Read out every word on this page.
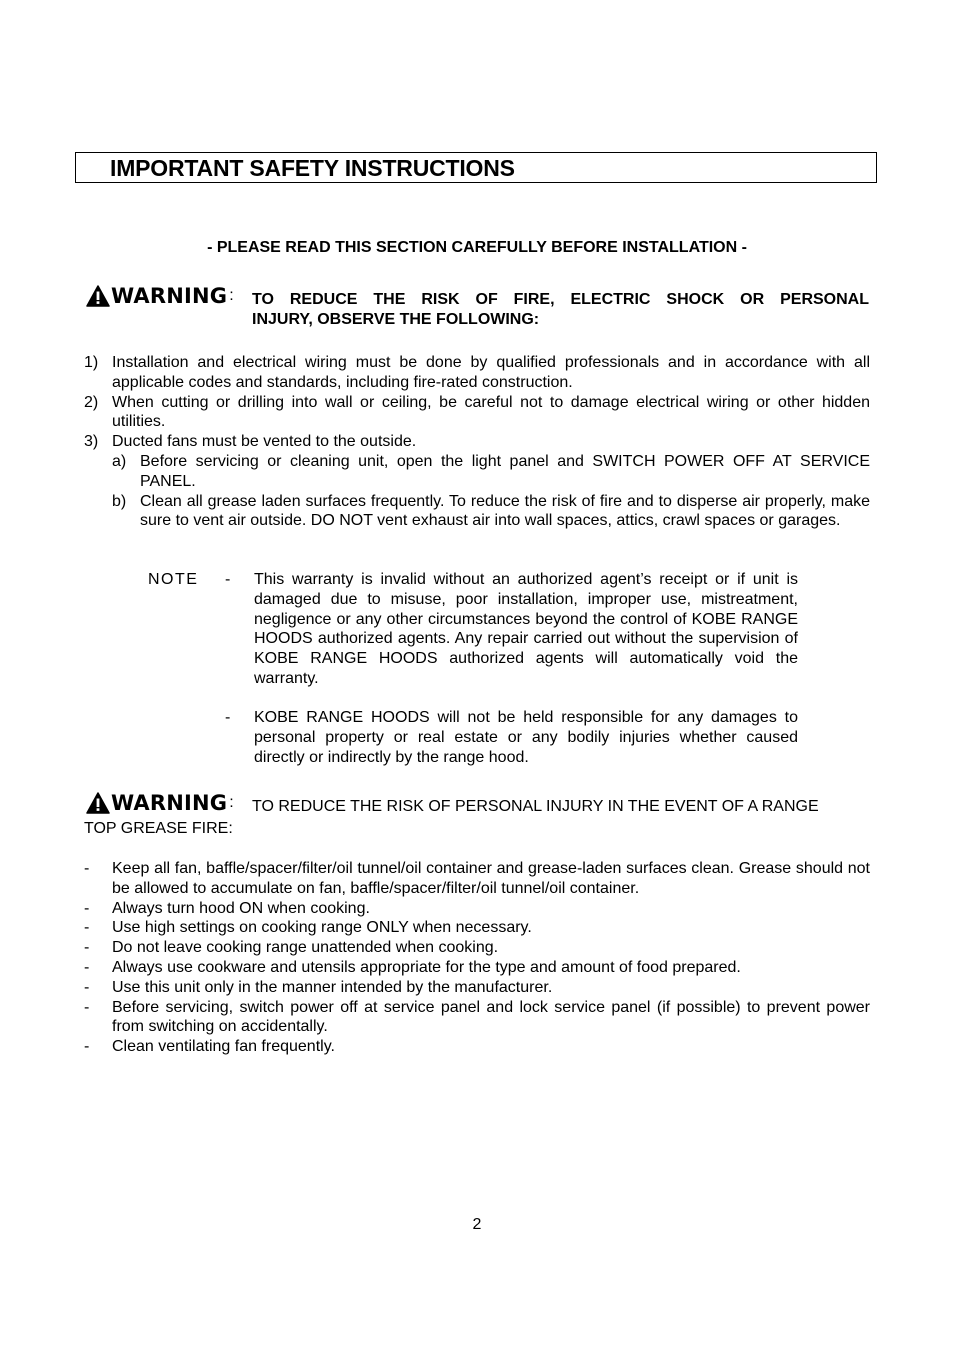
IMPORTANT SAFETY INSTRUCTIONS
- PLEASE READ THIS SECTION CAREFULLY BEFORE INSTALLATION -
WARNING : TO REDUCE THE RISK OF FIRE, ELECTRIC SHOCK OR PERSONAL
INJURY, OBSERVE THE FOLLOWING:
1) Installation and electrical wiring must be done by qualified professionals and in accordance with all applicable codes and standards, including fire-rated construction.
2) When cutting or drilling into wall or ceiling, be careful not to damage electrical wiring or other hidden utilities.
3) Ducted fans must be vented to the outside.
a) Before servicing or cleaning unit, open the light panel and SWITCH POWER OFF AT SERVICE PANEL.
b) Clean all grease laden surfaces frequently. To reduce the risk of fire and to disperse air properly, make sure to vent air outside. DO NOT vent exhaust air into wall spaces, attics, crawl spaces or garages.
NOTE - This warranty is invalid without an authorized agent’s receipt or if unit is damaged due to misuse, poor installation, improper use, mistreatment, negligence or any other circumstances beyond the control of KOBE RANGE HOODS authorized agents. Any repair carried out without the supervision of KOBE RANGE HOODS authorized agents will automatically void the warranty.
- KOBE RANGE HOODS will not be held responsible for any damages to personal property or real estate or any bodily injuries whether caused directly or indirectly by the range hood.
WARNING : TO REDUCE THE RISK OF PERSONAL INJURY IN THE EVENT OF A RANGE
TOP GREASE FIRE:
- Keep all fan, baffle/spacer/filter/oil tunnel/oil container and grease-laden surfaces clean. Grease should not be allowed to accumulate on fan, baffle/spacer/filter/oil tunnel/oil container.
- Always turn hood ON when cooking.
- Use high settings on cooking range ONLY when necessary.
- Do not leave cooking range unattended when cooking.
- Always use cookware and utensils appropriate for the type and amount of food prepared.
- Use this unit only in the manner intended by the manufacturer.
- Before servicing, switch power off at service panel and lock service panel (if possible) to prevent power from switching on accidentally.
- Clean ventilating fan frequently.
2
